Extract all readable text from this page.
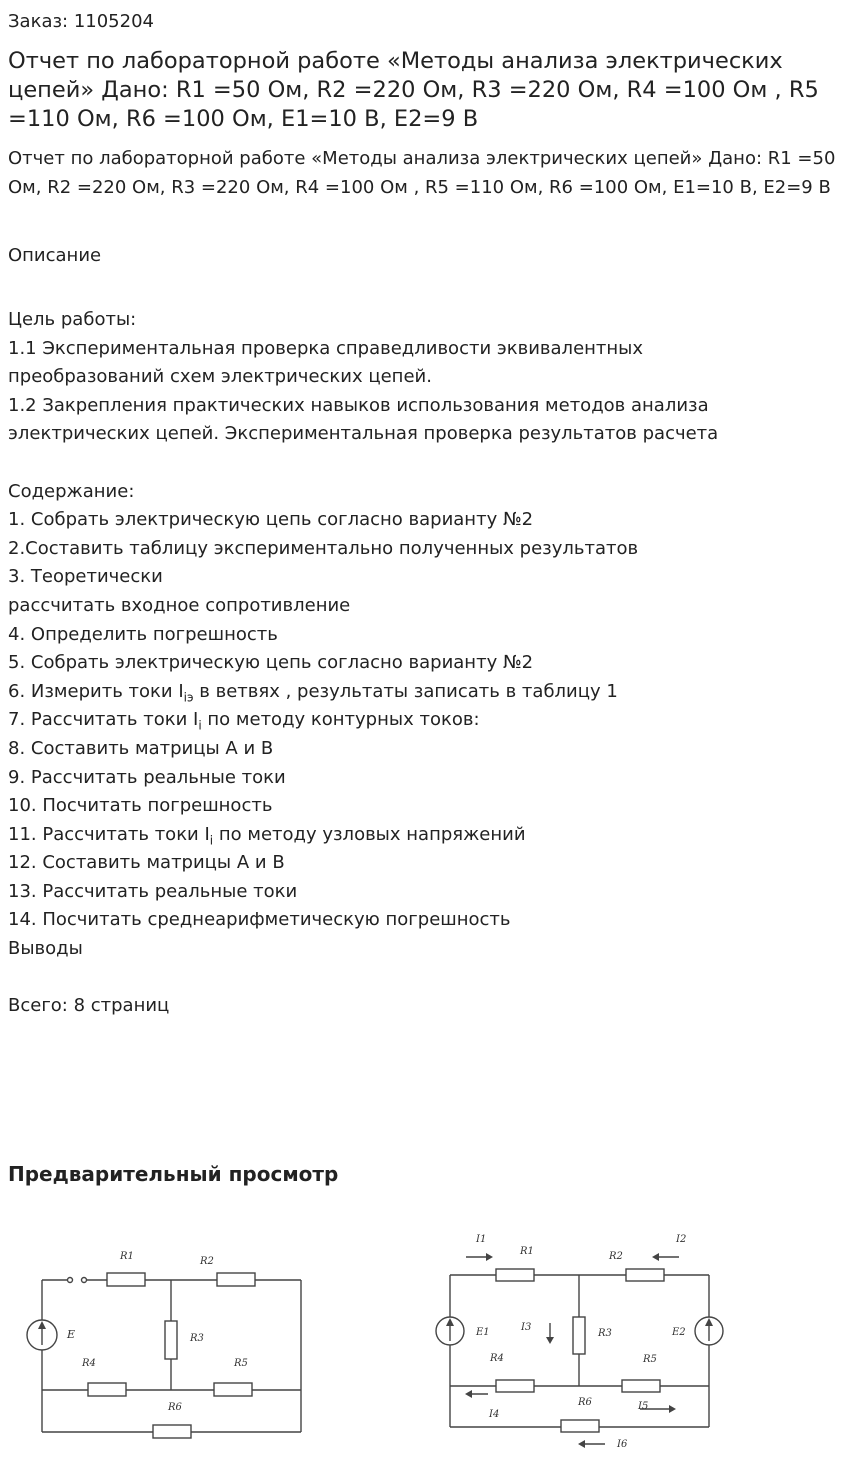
Заказ: 1105204
Отчет по лабораторной работе «Методы анализа электрических цепей» Дано: R1 =50 Ом, R2 =220 Ом, R3 =220 Ом, R4 =100 Ом , R5 =110 Ом, R6 =100 Ом, E1=10 В, E2=9 В
Отчет по лабораторной работе «Методы анализа электрических цепей» Дано: R1 =50 Ом, R2 =220 Ом, R3 =220 Ом, R4 =100 Ом , R5 =110 Ом, R6 =100 Ом, E1=10 В, E2=9 В
Описание
Цель работы:
1.1 Экспериментальная проверка справедливости эквивалентных
преобразований схем электрических цепей.
1.2 Закрепления практических навыков использования методов анализа
электрических цепей. Экспериментальная проверка результатов расчета
Содержание:
1. Собрать электрическую цепь согласно варианту №2
2.Составить таблицу экспериментально полученных результатов
3. Теоретически
рассчитать входное сопротивление
4. Определить погрешность
5. Собрать электрическую цепь согласно варианту №2
6. Измерить токи $I_{iэ}$ в ветвях , результаты записать в таблицу 1
7. Рассчитать токи $I_i$ по методу контурных токов:
8. Составить матрицы A и B
9. Рассчитать реальные токи
10. Посчитать погрешность
11. Рассчитать токи $I_i$ по методу узловых напряжений
12. Составить матрицы A и B
13. Рассчитать реальные токи
14. Посчитать среднеарифметическую погрешность
Выводы
Всего: 8 страниц
Предварительный просмотр
R1	R2
R3
R4	R5
R6
E
I1
R1	R2
I2
E1	I3
R3	E2
R4	R5
R6
I4
I5
I6
